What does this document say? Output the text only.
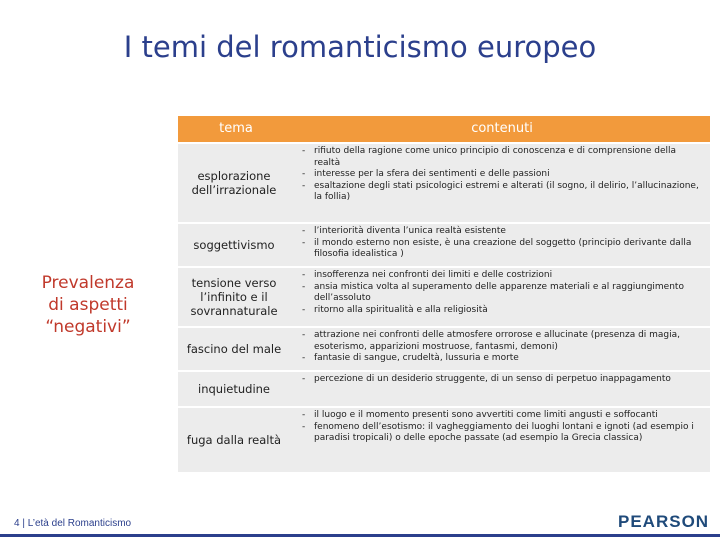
I temi del romanticismo europeo
Prevalenza
di aspetti
“negativi”
tema	contenuti
esplorazione dell’irrazionale
- rifiuto della ragione come unico principio di conoscenza e di comprensione della realtà
- interesse per la sfera dei sentimenti e delle passioni
- esaltazione degli stati psicologici estremi e alterati (il sogno, il delirio, l’allucinazione, la follia)
soggettivismo
- l’interiorità diventa l’unica realtà esistente
- il mondo esterno non esiste, è una creazione del soggetto (principio derivante dalla filosofia idealistica )
tensione verso l’infinito e il sovrannaturale
- insofferenza nei confronti dei limiti e delle costrizioni
- ansia mistica volta al superamento delle apparenze materiali e al raggiungimento dell’assoluto
- ritorno alla spiritualità e alla religiosità
fascino del male
- attrazione nei confronti delle atmosfere orrorose e allucinate (presenza di magia, esoterismo, apparizioni mostruose, fantasmi, demoni)
- fantasie di sangue, crudeltà, lussuria e morte
inquietudine
- percezione di un desiderio struggente, di un senso di perpetuo inappagamento
fuga dalla realtà
- il luogo e il momento presenti sono avvertiti come limiti angusti e soffocanti
- fenomeno dell’esotismo: il vagheggiamento dei luoghi lontani e ignoti (ad esempio i paradisi tropicali) o delle epoche passate (ad esempio la Grecia classica)
4 | L’età del Romanticismo	PEARSON
